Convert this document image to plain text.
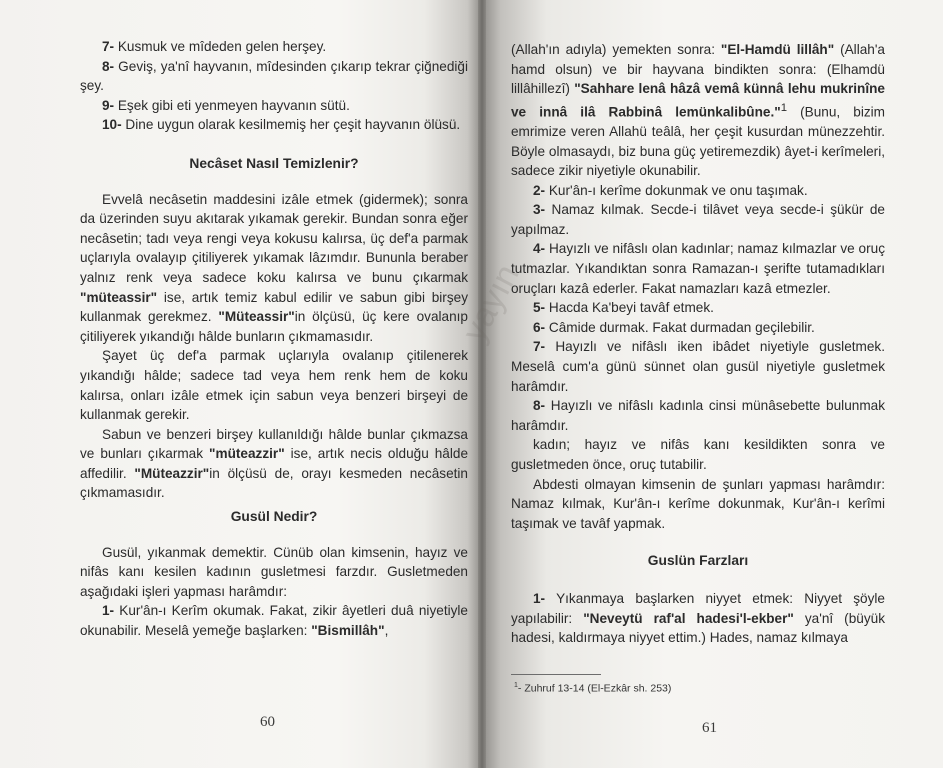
7- Kusmuk ve mîdeden gelen herşey.

8- Geviş, ya'nî hayvanın, mîdesinden çıkarıp tekrar çiğnediği şey.

9- Eşek gibi eti yenmeyen hayvanın sütü.

10- Dine uygun olarak kesilmemiş her çeşit hayvanın ölüsü.

Necâset Nasıl Temizlenir?

Evvelâ necâsetin maddesini izâle etmek (gidermek); sonra da üzerinden suyu akıtarak yıkamak gerekir. Bundan sonra eğer necâsetin; tadı veya rengi veya kokusu kalırsa, üç def'a parmak uçlarıyla ovalayıp çitiliyerek yıkamak lâzımdır. Bununla beraber yalnız renk veya sadece koku kalırsa ve bunu çıkarmak "müteassir" ise, artık temiz kabul edilir ve sabun gibi birşey kullanmak gerekmez. "Müteassir"in ölçüsü, üç kere ovalanıp çitiliyerek yıkandığı hâlde bunların çıkmamasıdır.

Şayet üç def'a parmak uçlarıyla ovalanıp çitilenerek yıkandığı hâlde; sadece tad veya hem renk hem de koku kalırsa, onları izâle etmek için sabun veya benzeri birşeyi de kullanmak gerekir.

Sabun ve benzeri birşey kullanıldığı hâlde bunlar çıkmazsa ve bunları çıkarmak "müteazzir" ise, artık necis olduğu hâlde affedilir. "Müteazzir"in ölçüsü de, orayı kesmeden necâsetin çıkmamasıdır.

Gusül Nedir?

Gusül, yıkanmak demektir. Cünüb olan kimsenin, hayız ve nifâs kanı kesilen kadının gusletmesi farzdır. Gusletmeden aşağıdaki işleri yapması harâmdır:

1- Kur'ân-ı Kerîm okumak. Fakat, zikir âyetleri duâ niyetiyle okunabilir. Meselâ yemeğe başlarken: "Bismillâh",

60

(Allah'ın adıyla) yemekten sonra: "El-Hamdü lillâh" (Allah'a hamd olsun) ve bir hayvana bindikten sonra: (Elhamdü lillâhillezî) "Sahhare lenâ hâzâ vemâ künnâ lehu mukrinîne ve innâ ilâ Rabbinâ lemünkalibûne."$^1$ (Bunu, bizim emrimize veren Allahü teâlâ, her çeşit kusurdan münezzehtir. Böyle olmasaydı, biz buna güç yetiremezdik) âyet-i kerîmeleri, sadece zikir niyetiyle okunabilir.

2- Kur'ân-ı kerîme dokunmak ve onu taşımak.

3- Namaz kılmak. Secde-i tilâvet veya secde-i şükür de yapılmaz.

4- Hayızlı ve nifâslı olan kadınlar; namaz kılmazlar ve oruç tutmazlar. Yıkandıktan sonra Ramazan-ı şerifte tutamadıkları oruçları kazâ ederler. Fakat namazları kazâ etmezler.

5- Hacda Ka'beyi tavâf etmek.

6- Câmide durmak. Fakat durmadan geçilebilir.

7- Hayızlı ve nifâslı iken ibâdet niyetiyle gusletmek. Meselâ cum'a günü sünnet olan gusül niyetiyle gusletmek harâmdır.

8- Hayızlı ve nifâslı kadınla cinsi münâsebette bulunmak harâmdır.

kadın; hayız ve nifâs kanı kesildikten sonra ve gusletmeden önce, oruç tutabilir.

Abdesti olmayan kimsenin de şunları yapması harâmdır: Namaz kılmak, Kur'ân-ı kerîme dokunmak, Kur'ân-ı kerîmi taşımak ve tavâf yapmak.

Guslün Farzları

1- Yıkanmaya başlarken niyyet etmek: Niyyet şöyle yapılabilir: "Neveytü raf'al hadesi'l-ekber" ya'nî (büyük hadesi, kaldırmaya niyyet ettim.) Hades, namaz kılmaya

$^1$- Zuhruf 13-14 (El-Ezkâr sh. 253)
61
yayın
